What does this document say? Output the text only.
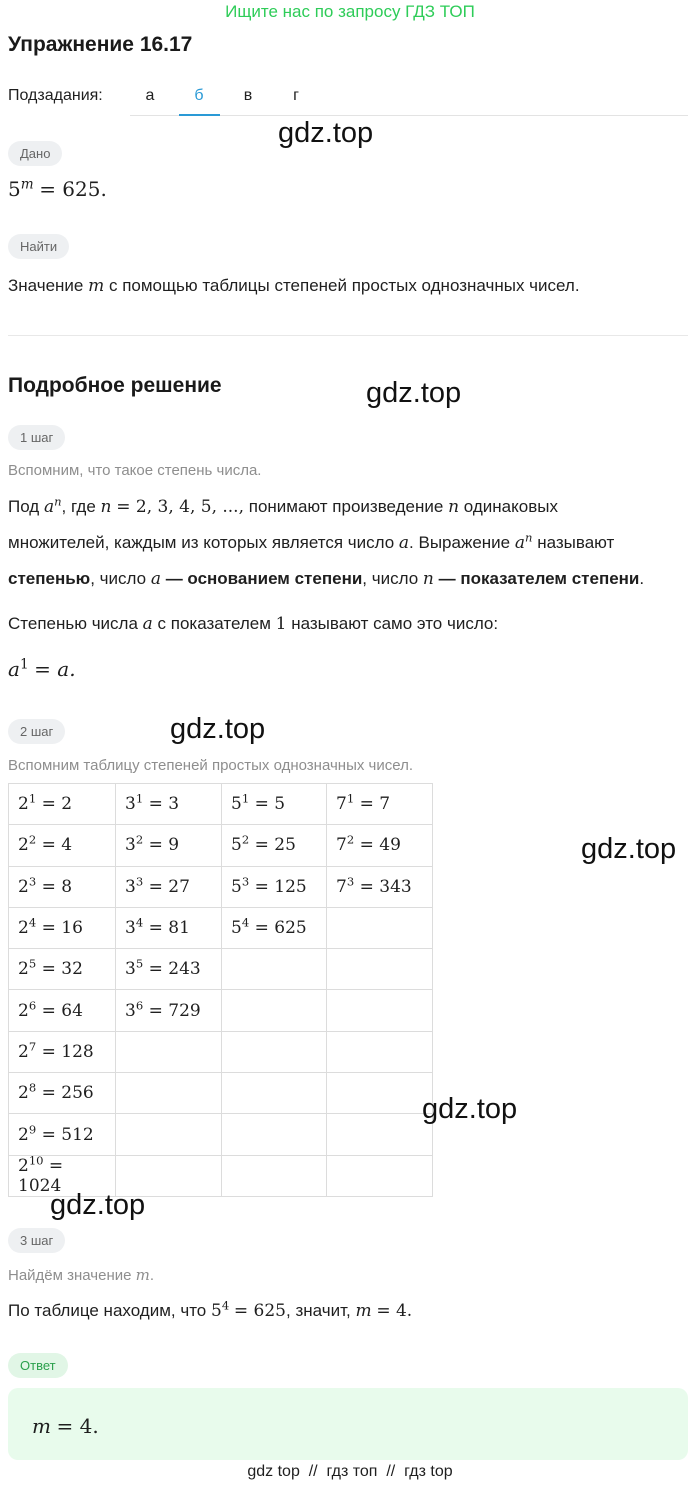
Ищите нас по запросу ГДЗ ТОП
Упражнение 16.17
Подзадания:	а	б	в	г
gdz.top
Дано
$5^m = 625$.
Найти
Значение m с помощью таблицы степеней простых однозначных чисел.
Подробное решение	gdz.top
1 шаг
Вспомним, что такое степень числа.
Под $a^n$, где n = 2, 3, 4, 5, ..., понимают произведение n одинаковых
множителей, каждым из которых является число a. Выражение $a^n$ называют
степенью, число a — основанием степени, число n — показателем степени.
Степенью числа a с показателем 1 называют само это число:
$a^1 = a$.
2 шаг	gdz.top
Вспомним таблицу степеней простых однозначных чисел.
$2^1 = 2$	$3^1 = 3$	$5^1 = 5$	$7^1 = 7$
$2^2 = 4$	$3^2 = 9$	$5^2 = 25$	$7^2 = 49$
$2^3 = 8$	$3^3 = 27$	$5^3 = 125$	$7^3 = 343$
$2^4 = 16$	$3^4 = 81$	$5^4 = 625$	
$2^5 = 32$	$3^5 = 243$		
$2^6 = 64$	$3^6 = 729$		
$2^7 = 128$			
$2^8 = 256$			
$2^9 = 512$			
$2^{10} = 1024$			
gdz.top
gdz.top
gdz.top
3 шаг
Найдём значение m.
По таблице находим, что $5^4 = 625$, значит, m = 4.
Ответ
m = 4.
gdz top // гдз топ // гдз top
